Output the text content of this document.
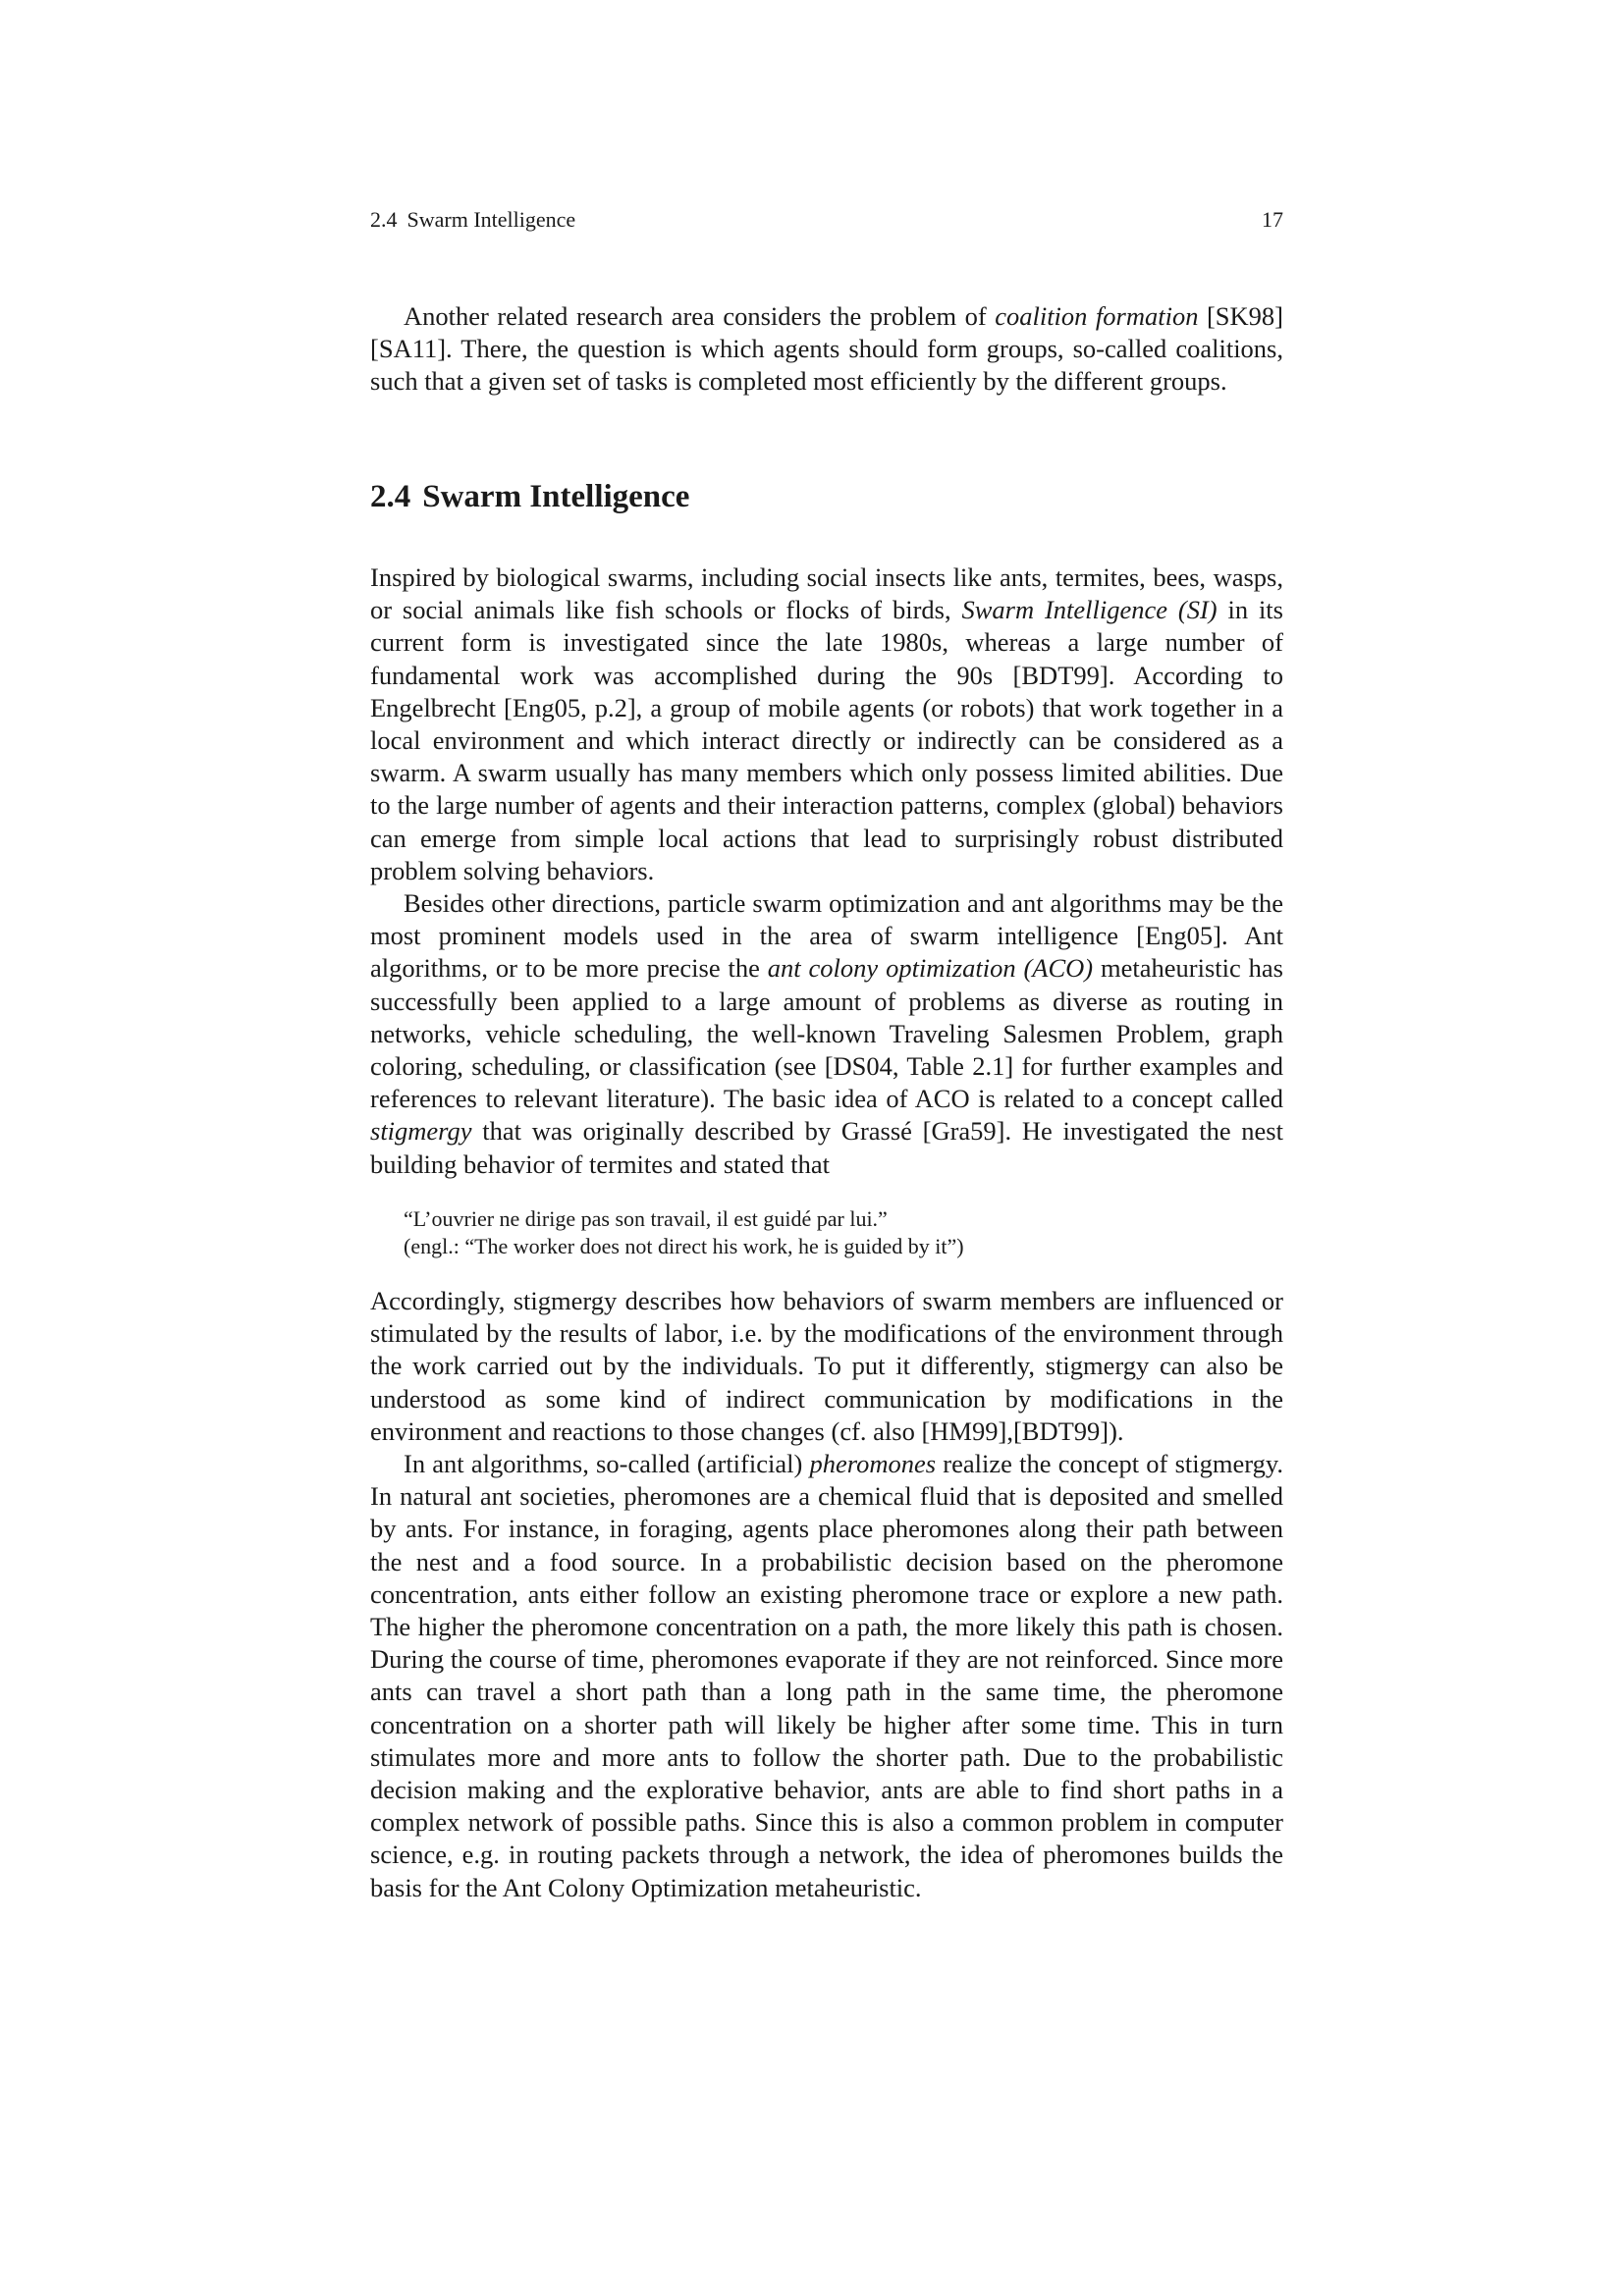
2.4 Swarm Intelligence	17

Another related research area considers the problem of coalition formation [SK98] [SA11]. There, the question is which agents should form groups, so-called coalitions, such that a given set of tasks is completed most efficiently by the different groups.

2.4 Swarm Intelligence

Inspired by biological swarms, including social insects like ants, termites, bees, wasps, or social animals like fish schools or flocks of birds, Swarm Intelligence (SI) in its current form is investigated since the late 1980s, whereas a large number of fundamental work was accomplished during the 90s [BDT99]. According to Engelbrecht [Eng05, p.2], a group of mobile agents (or robots) that work together in a local environment and which interact directly or indirectly can be considered as a swarm. A swarm usually has many members which only possess limited abilities. Due to the large number of agents and their interaction patterns, complex (global) behaviors can emerge from simple local actions that lead to surprisingly robust distributed problem solving behaviors.

Besides other directions, particle swarm optimization and ant algorithms may be the most prominent models used in the area of swarm intelligence [Eng05]. Ant algorithms, or to be more precise the ant colony optimization (ACO) metaheuristic has successfully been applied to a large amount of problems as diverse as routing in networks, vehicle scheduling, the well-known Traveling Salesmen Problem, graph coloring, scheduling, or classification (see [DS04, Table 2.1] for further examples and references to relevant literature). The basic idea of ACO is related to a concept called stigmergy that was originally described by Grassé [Gra59]. He investigated the nest building behavior of termites and stated that

“L’ouvrier ne dirige pas son travail, il est guidé par lui.”

(engl.: “The worker does not direct his work, he is guided by it”)

Accordingly, stigmergy describes how behaviors of swarm members are influenced or stimulated by the results of labor, i.e. by the modifications of the environment through the work carried out by the individuals. To put it differently, stigmergy can also be understood as some kind of indirect communication by modifications in the environment and reactions to those changes (cf. also [HM99],[BDT99]).

In ant algorithms, so-called (artificial) pheromones realize the concept of stigmergy. In natural ant societies, pheromones are a chemical fluid that is deposited and smelled by ants. For instance, in foraging, agents place pheromones along their path between the nest and a food source. In a probabilistic decision based on the pheromone concentration, ants either follow an existing pheromone trace or explore a new path. The higher the pheromone concentration on a path, the more likely this path is chosen. During the course of time, pheromones evaporate if they are not reinforced. Since more ants can travel a short path than a long path in the same time, the pheromone concentration on a shorter path will likely be higher after some time. This in turn stimulates more and more ants to follow the shorter path. Due to the probabilistic decision making and the explorative behavior, ants are able to find short paths in a complex network of possible paths. Since this is also a common problem in computer science, e.g. in routing packets through a network, the idea of pheromones builds the basis for the Ant Colony Optimization metaheuristic.
